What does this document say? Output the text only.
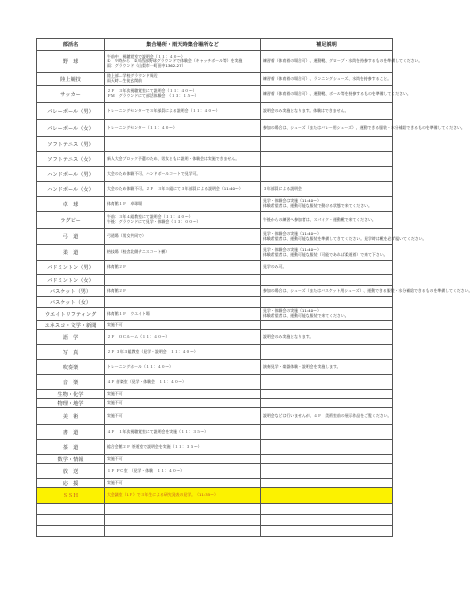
部活名	集合場所・雨天時集合場所など	補足説明
野　球	午前中　視聴覚室で説明会（１１：４０～）
①　９時から　②川西部野球グラウンドで体験会（キャッチボール等）を実施
雨：グラウンド（山梨市一町田中1362-27）	練習着（体育着の場合可）、運動靴、グローブ・水筒を持参するものを準備してください。

陸上競技	陸上部…学校グラウンド周辺
雨天時…生徒玄関前	練習着（体育着の場合可）、ランニングシューズ、水筒を持参すること。

サッカー	２Ｆ　３年次視聴覚室にて説明会（１１：４０～）
ＰＭ　グラウンドにて部活体験会　（１３：１５～）	練習着（体育着の場合可）、運動靴、ボール等を持参するものを準備してください。

バレーボール（男）	トレーニングセンターで３年部員による説明会（１１：４０～）	説明会のみ実施となります。体験はできません。

バレーボール（女）	トレーニングセンター（１１：４０～）	参加の場合は、シューズ（またはバレー用シューズ）、運動できる服装・水分補給できるものを準備してください。

ソフトテニス（男）		
ソフトテニス（女）	新人大会ブロック予選のため、男女ともに説明・体験会は実施できません。	

ハンドボール（男）	大会のため体験不可、ハンドボールコートで見学可。	

ハンドボール（女）	大会のため体験不可。２Ｆ　３年５組にて３年部員による説明会（11:40～）	３年部員による説明会

卓　球	体育館１Ｆ　卓球場	見学・体験会は実施（11:40～）
体験希望者は、運動可能な服装で動ける状態で来てください。

ラグビー	午前：３年４組教室にて説明会（１１：４０～）
午後：グラウンドにて見学・体験会（１３：００～）	午後からの練習へ参加者は、スパイク・運動靴で来てください。

弓　道	弓道場（男女共同で）	見学・体験会の実施（11:40～）
体験希望者は、運動可能な服装を準備してきてください。見学時は靴を必ず履いてください。

柔　道	格技場（校舎北側テニスコート横）	見学・体験会の実施（11:40～）
体験希望者は、運動可能な服装（可能であれば柔道着）で来て下さい。

バドミントン（男）	体育館２Ｆ	見学のみ可。

バドミントン（女）		
バスケット（男）	体育館２Ｆ	参加の場合は、シューズ（またはバスケット用シューズ）、運動できる服装・水分補給できるものを準備してください。

バスケット（女）		
ウエイトリフティング	体育館１Ｆ　ウエイト場	見学・体験会の実施（11:40～）
体験希望者は、運動可能な服装で来てください。

ユネスコ・文学・新聞	実施不可	

語　学	２Ｆ　ＯＣルーム（１１：４０～）	説明会のみ実施となります。

写　真	２Ｆ ３年３組教室（見学・説明会　１１：４０～）	

吹奏楽	トレーニングホール（１１：４０～）	演奏見学・楽器体験・説明会を実施します。

音　楽	４Ｆ 音楽室（見学・体験会　１１：４０～）	

生物・化学	実施不可	

物理・地学	実施不可	

美　術	実施不可	説明会などは行いませんが、４Ｆ　美術室前の展示作品をご覧ください。

書　道	４Ｆ　１年次視聴覚室にて説明会を実施（１１：３５～）	

茶　道	総合会館２Ｆ 茶道室で説明会を実施（１１：３５～）	

数学・情報	実施不可	

放　送	１Ｆ ＰＣ室　（見学・体験　１１：４０～）	

応　援	実施不可	

ＳＳＨ	大会議室（1Ｆ）で３年生による研究発表の見学。（11:35～）	
